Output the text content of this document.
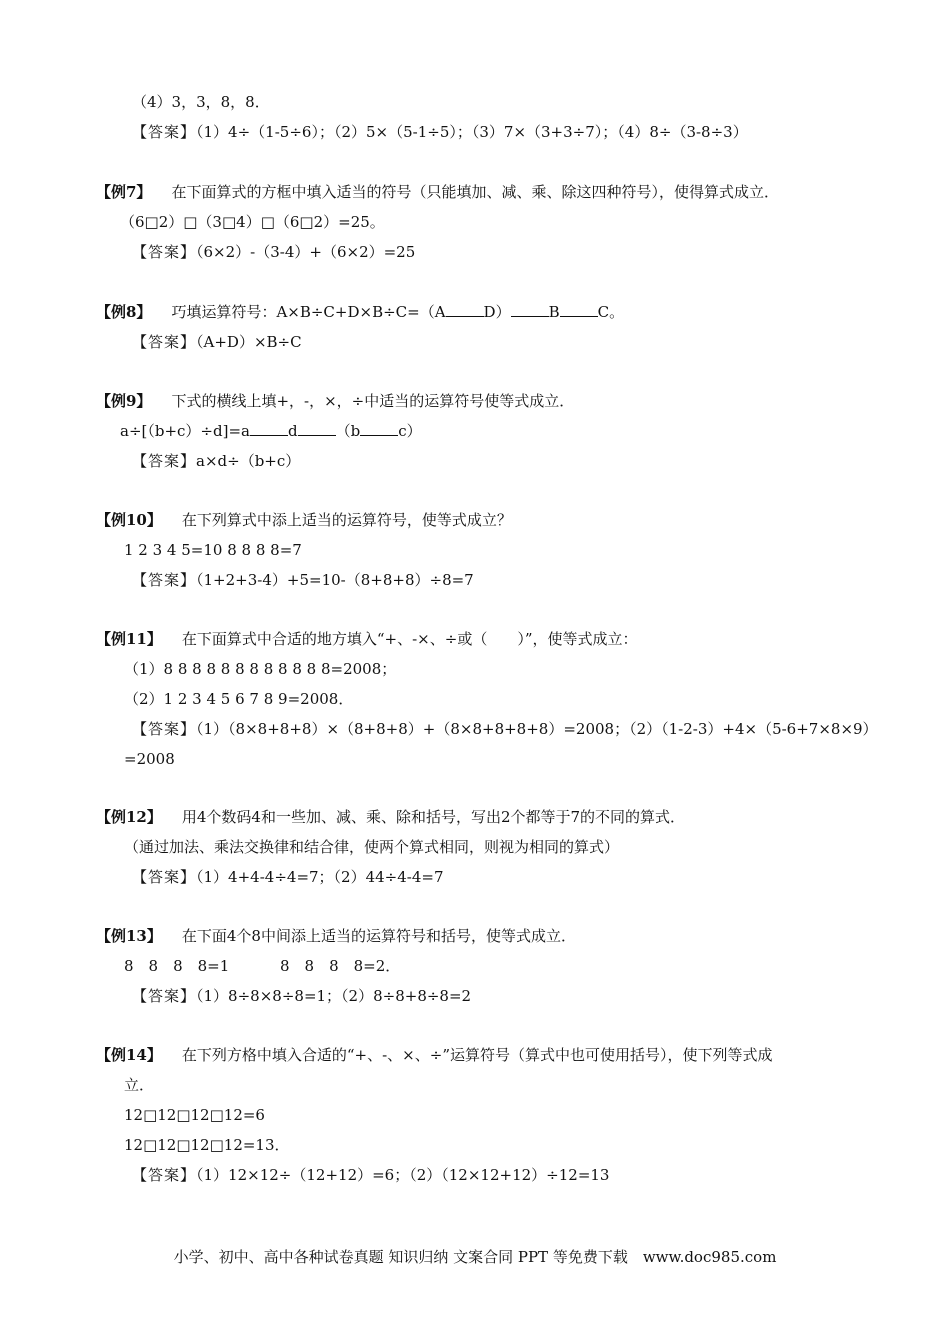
（4）3，3，8，8．
【答案】（1）4÷（1-5÷6）；（2）5×（5-1÷5）；（3）7×（3+3÷7）；（4）8÷（3-8÷3）
【例7】 在下面算式的方框中填入适当的符号（只能填加、减、乘、除这四种符号），使得算式成立．
（6□2）□（3□4）□（6□2）=25。
【答案】（6×2）-（3-4）+（6×2）=25
【例8】 巧填运算符号：A×B÷C+D×B÷C=（A	D）	B	C。
【答案】（A+D）×B÷C
【例9】 下式的横线上填+，-，×，÷中适当的运算符号使等式成立．
a÷[（b+c）÷d]=a	d	（b	c）
【答案】a×d÷（b+c）
【例10】 在下列算式中添上适当的运算符号，使等式成立？
1 2 3 4 5=10 8 8 8 8=7
【答案】（1+2+3-4）+5=10-（8+8+8）÷8=7
【例11】 在下面算式中合适的地方填入“+、-×、÷或（　　）”，使等式成立：
（1）8 8 8 8 8 8 8 8 8 8 8 8=2008；
（2）1 2 3 4 5 6 7 8 9=2008．
【答案】（1）（8×8+8+8）×（8+8+8）+（8×8+8+8+8）=2008；（2）（1-2-3）+4×（5-6+7×8×9）
=2008
【例12】 用4个数码4和一些加、减、乘、除和括号，写出2个都等于7的不同的算式．
（通过加法、乘法交换律和结合律，使两个算式相同，则视为相同的算式）
【答案】（1）4+4-4÷4=7；（2）44÷4-4=7
【例13】 在下面4个8中间添上适当的运算符号和括号，使等式成立．
8　8　8　8=1	8　8　8　8=2．
【答案】（1）8÷8×8÷8=1；（2）8÷8+8÷8=2
【例14】 在下列方格中填入合适的“+、-、×、÷”运算符号（算式中也可使用括号），使下列等式成
立．
12□12□12□12=6
12□12□12□12=13．
【答案】（1）12×12÷（12+12）=6；（2）（12×12+12）÷12=13
小学、初中、高中各种试卷真题 知识归纳 文案合同 PPT 等免费下载　www.doc985.com
